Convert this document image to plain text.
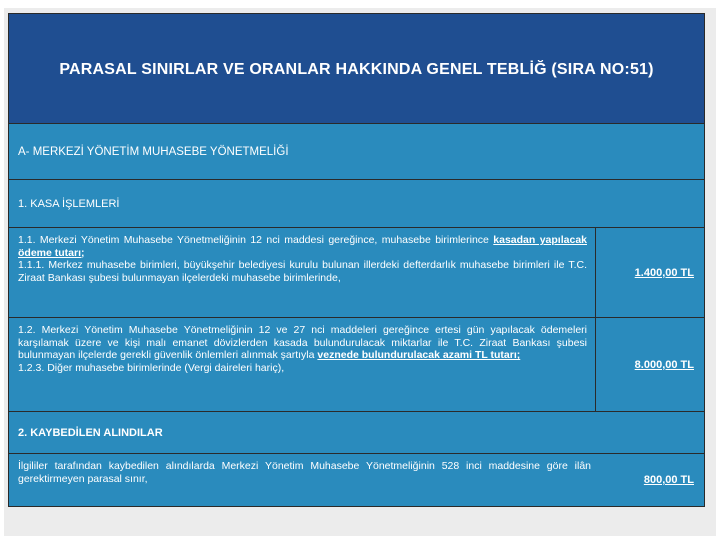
PARASAL SINIRLAR VE ORANLAR HAKKINDA GENEL TEBLİĞ (SIRA NO:51)
A- MERKEZİ YÖNETİM MUHASEBE YÖNETMELİĞİ
1. KASA İŞLEMLERİ
1.1. Merkezi Yönetim Muhasebe Yönetmeliğinin 12 nci maddesi gereğince, muhasebe birimlerince kasadan yapılacak ödeme tutarı;
1.1.1. Merkez muhasebe birimleri, büyükşehir belediyesi kurulu bulunan illerdeki defterdarlık muhasebe birimleri ile T.C. Ziraat Bankası şubesi bulunmayan ilçelerdeki muhasebe birimlerinde,	1.400,00 TL
1.2. Merkezi Yönetim Muhasebe Yönetmeliğinin 12 ve 27 nci maddeleri gereğince ertesi gün yapılacak ödemeleri karşılamak üzere ve kişi malı emanet dövizlerden kasada bulundurulacak miktarlar ile T.C. Ziraat Bankası şubesi bulunmayan ilçelerde gerekli güvenlik önlemleri alınmak şartıyla veznede bulundurulacak azami TL tutarı;
1.2.3. Diğer muhasebe birimlerinde (Vergi daireleri hariç),	8.000,00 TL
2. KAYBEDİLEN ALINDILAR
İlgililer tarafından kaybedilen alındılarda Merkezi Yönetim Muhasebe Yönetmeliğinin 528 inci maddesine göre ilân gerektirmeyen parasal sınır,	800,00 TL
